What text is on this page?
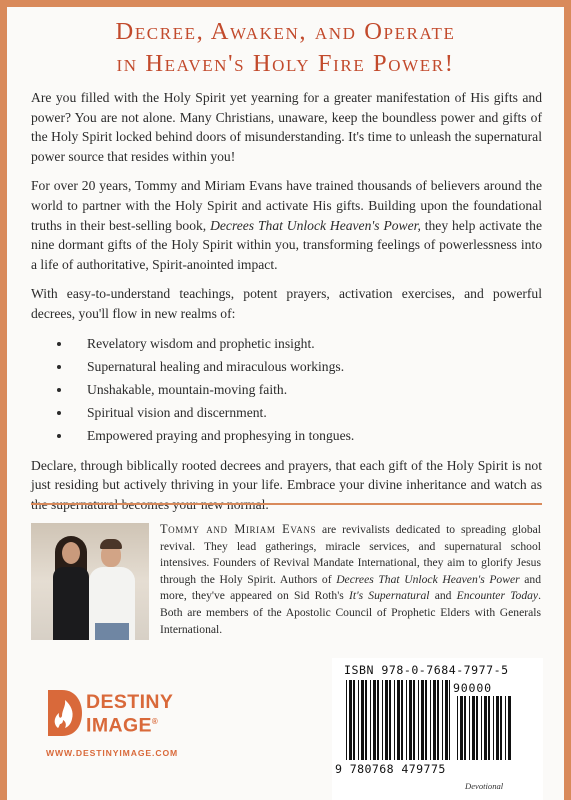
Decree, Awaken, and Operate
in Heaven's Holy Fire Power!

Are you filled with the Holy Spirit yet yearning for a greater manifestation of His gifts and power? You are not alone. Many Christians, unaware, keep the boundless power and gifts of the Holy Spirit locked behind doors of misunderstanding. It's time to unleash the supernatural power source that resides within you!

For over 20 years, Tommy and Miriam Evans have trained thousands of believers around the world to partner with the Holy Spirit and activate His gifts. Building upon the foundational truths in their best-selling book, Decrees That Unlock Heaven's Power, they help activate the nine dormant gifts of the Holy Spirit within you, transforming feelings of powerlessness into a life of authoritative, Spirit-anointed impact.

With easy-to-understand teachings, potent prayers, activation exercises, and powerful decrees, you'll flow in new realms of:

Revelatory wisdom and prophetic insight.
Supernatural healing and miraculous workings.
Unshakable, mountain-moving faith.
Spiritual vision and discernment.
Empowered praying and prophesying in tongues.

Declare, through biblically rooted decrees and prayers, that each gift of the Holy Spirit is not just residing but actively thriving in your life. Embrace your divine inheritance and watch as

Tommy and Miriam Evans are revivalists dedicated to spreading global revival. They lead gatherings, miracle services, and supernatural school intensives. Founders of Revival Mandate International, they aim to glorify Jesus through the Holy Spirit. Authors of Decrees That Unlock Heaven's Power and more, they've appeared on Sid Roth's It's Supernatural and Encounter Today. Both are members of the Apostolic Council of Prophetic Elders with Generals International.
DESTINY
IMAGE®
WWW.DESTINYIMAGE.COM
ISBN 978-0-7684-7977-5
90000
9 780768 479775
Devotional
